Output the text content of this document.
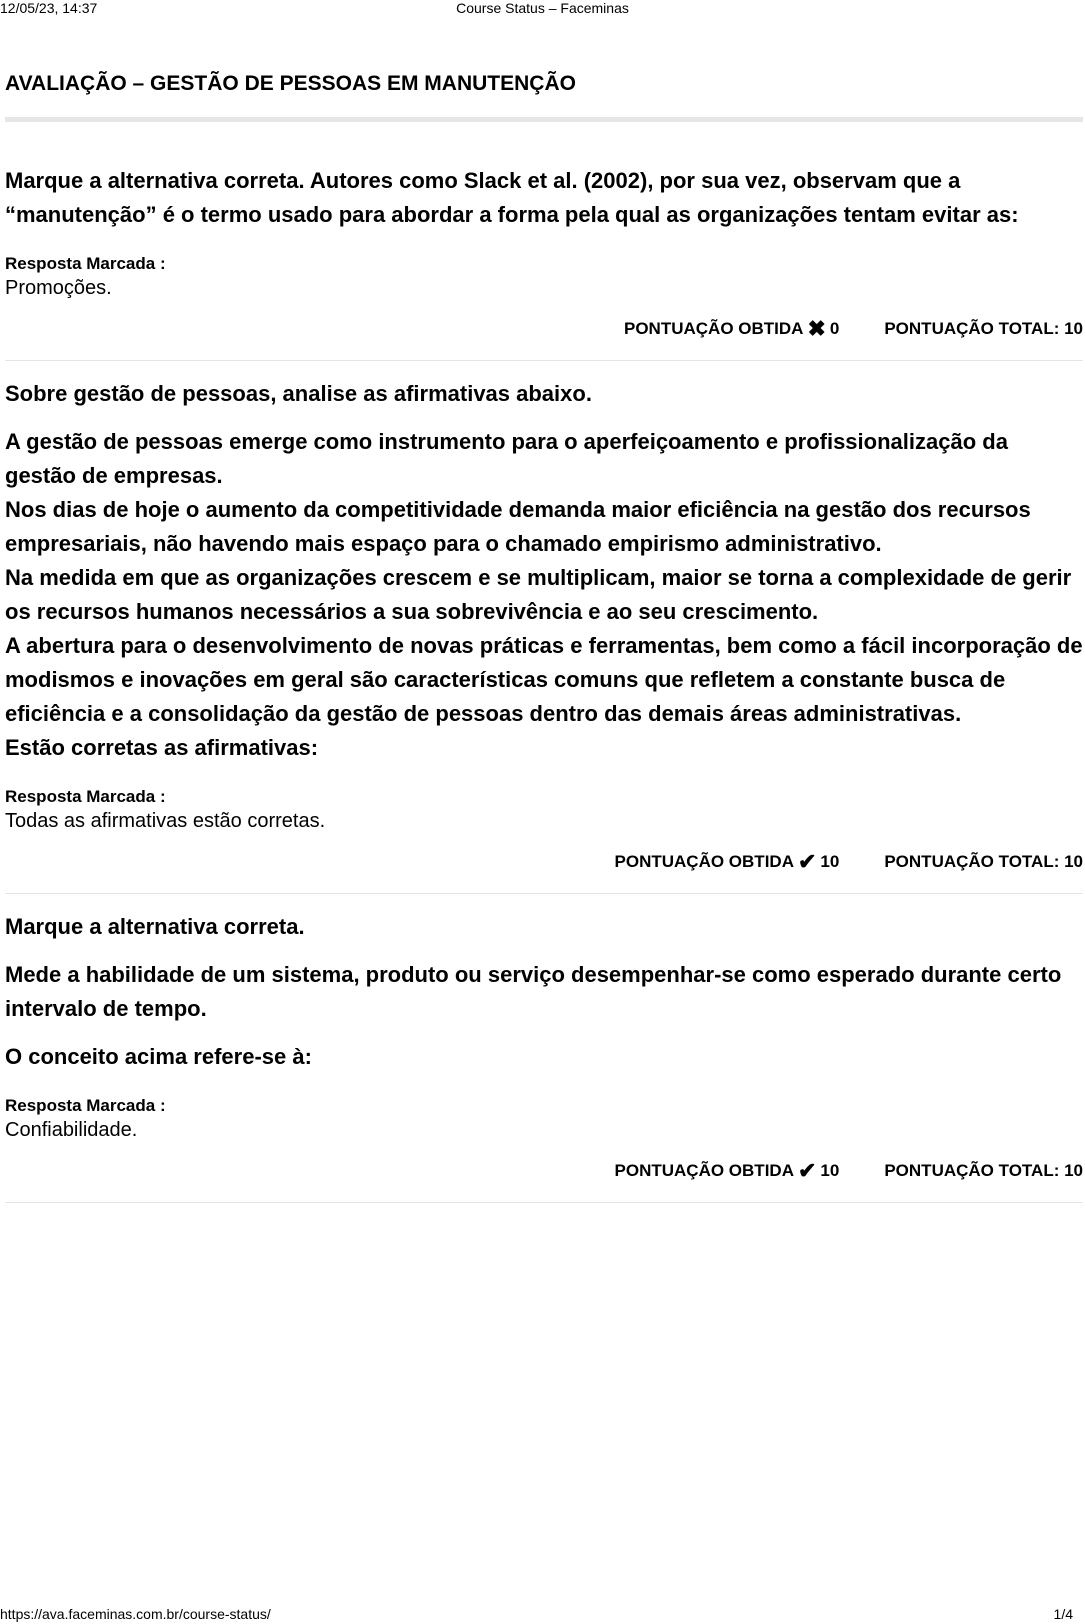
12/05/23, 14:37	Course Status – Faceminas
AVALIAÇÃO – GESTÃO DE PESSOAS EM MANUTENÇÃO

Marque a alternativa correta. Autores como Slack et al. (2002), por sua vez, observam que a “manutenção” é o termo usado para abordar a forma pela qual as organizações tentam evitar as:

Resposta Marcada :
Promoções.
PONTUAÇÃO OBTIDA ✖ 0	PONTUAÇÃO TOTAL: 10

Sobre gestão de pessoas, analise as afirmativas abaixo.

A gestão de pessoas emerge como instrumento para o aperfeiçoamento e profissionalização da gestão de empresas.

Nos dias de hoje o aumento da competitividade demanda maior eficiência na gestão dos recursos empresariais, não havendo mais espaço para o chamado empirismo administrativo.

Na medida em que as organizações crescem e se multiplicam, maior se torna a complexidade de gerir os recursos humanos necessários a sua sobrevivência e ao seu crescimento.

A abertura para o desenvolvimento de novas práticas e ferramentas, bem como a fácil incorporação de modismos e inovações em geral são características comuns que refletem a constante busca de eficiência e a consolidação da gestão de pessoas dentro das demais áreas administrativas.

Estão corretas as afirmativas:

Resposta Marcada :
Todas as afirmativas estão corretas.
PONTUAÇÃO OBTIDA ✔ 10	PONTUAÇÃO TOTAL: 10

Marque a alternativa correta.

Mede a habilidade de um sistema, produto ou serviço desempenhar-se como esperado durante certo intervalo de tempo.

O conceito acima refere-se à:

Resposta Marcada :
Confiabilidade.
PONTUAÇÃO OBTIDA ✔ 10	PONTUAÇÃO TOTAL: 10
https://ava.faceminas.com.br/course-status/	1/4
